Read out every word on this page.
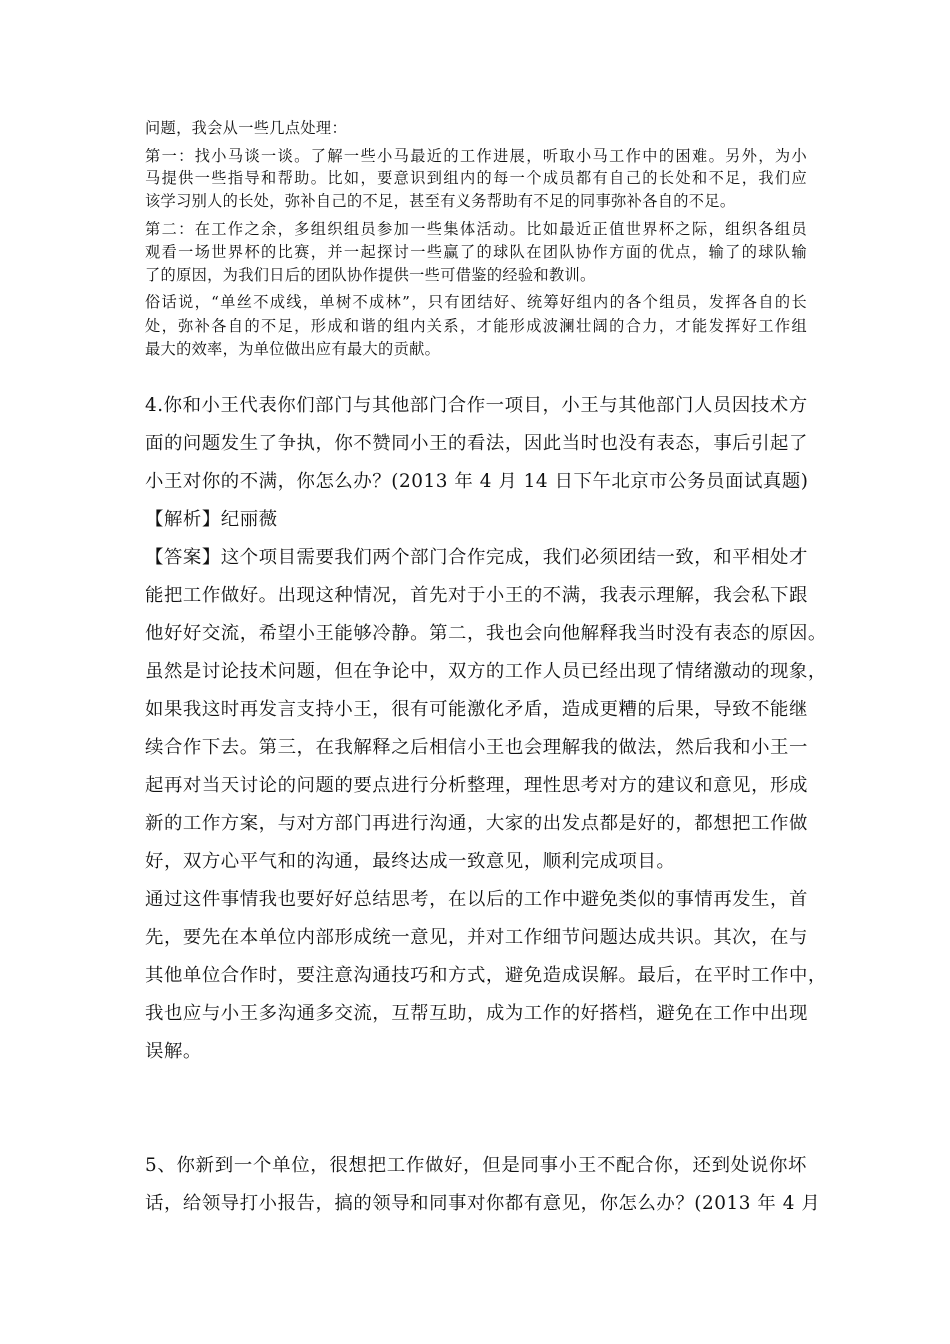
问题，我会从一些几点处理：
第一：找小马谈一谈。了解一些小马最近的工作进展，听取小马工作中的困难。另外，为小
马提供一些指导和帮助。比如，要意识到组内的每一个成员都有自己的长处和不足，我们应
该学习别人的长处，弥补自己的不足，甚至有义务帮助有不足的同事弥补各自的不足。
第二：在工作之余，多组织组员参加一些集体活动。比如最近正值世界杯之际，组织各组员
观看一场世界杯的比赛，并一起探讨一些赢了的球队在团队协作方面的优点，输了的球队输
了的原因，为我们日后的团队协作提供一些可借鉴的经验和教训。
俗话说，“单丝不成线，单树不成林”，只有团结好、统筹好组内的各个组员，发挥各自的长
处，弥补各自的不足，形成和谐的组内关系，才能形成波澜壮阔的合力，才能发挥好工作组
最大的效率，为单位做出应有最大的贡献。
4.你和小王代表你们部门与其他部门合作一项目，小王与其他部门人员因技术方
面的问题发生了争执，你不赞同小王的看法，因此当时也没有表态，事后引起了
小王对你的不满，你怎么办？(2013 年 4 月 14 日下午北京市公务员面试真题)
【解析】纪丽薇
【答案】这个项目需要我们两个部门合作完成，我们必须团结一致，和平相处才
能把工作做好。出现这种情况，首先对于小王的不满，我表示理解，我会私下跟
他好好交流，希望小王能够冷静。第二，我也会向他解释我当时没有表态的原因。
虽然是讨论技术问题，但在争论中，双方的工作人员已经出现了情绪激动的现象，
如果我这时再发言支持小王，很有可能激化矛盾，造成更糟的后果，导致不能继
续合作下去。第三，在我解释之后相信小王也会理解我的做法，然后我和小王一
起再对当天讨论的问题的要点进行分析整理，理性思考对方的建议和意见，形成
新的工作方案，与对方部门再进行沟通，大家的出发点都是好的，都想把工作做
好，双方心平气和的沟通，最终达成一致意见，顺利完成项目。
通过这件事情我也要好好总结思考，在以后的工作中避免类似的事情再发生，首
先，要先在本单位内部形成统一意见，并对工作细节问题达成共识。其次，在与
其他单位合作时，要注意沟通技巧和方式，避免造成误解。最后，在平时工作中，
我也应与小王多沟通多交流，互帮互助，成为工作的好搭档，避免在工作中出现
误解。
5、你新到一个单位，很想把工作做好，但是同事小王不配合你，还到处说你坏
话，给领导打小报告，搞的领导和同事对你都有意见，你怎么办？(2013 年 4 月
